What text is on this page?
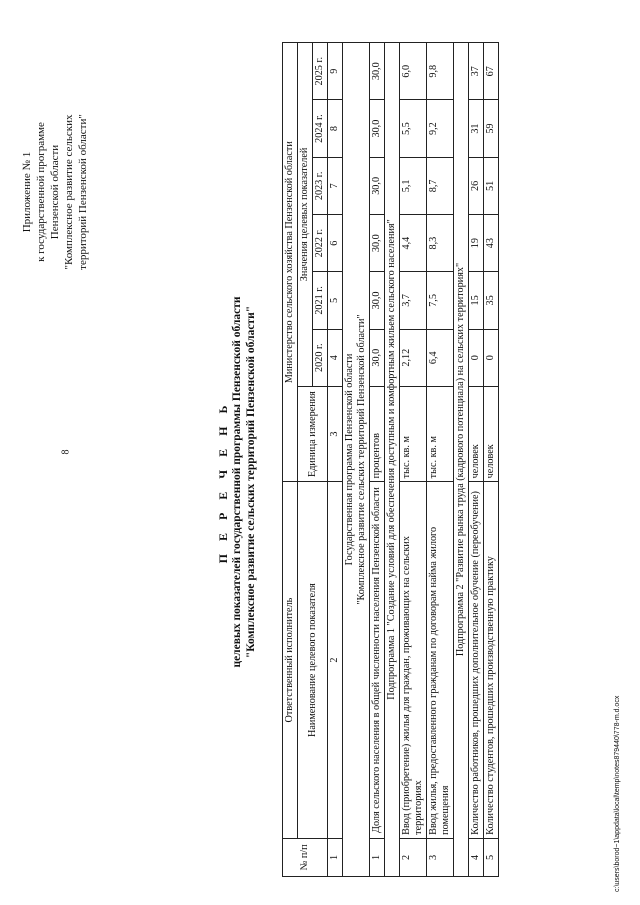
8
Приложение № 1 к государственной программе Пензенской области "Комплексное развитие сельских территорий Пензенской области"
П Е Р Е Ч Е Н Ь целевых показателей государственной программы Пензенской области "Комплексное развитие сельских территорий Пензенской области"
№ п/п	Ответственный исполнитель	Министерство сельского хозяйства Пензенской области						
	Наименование целевого показателя	Единица измерения	Значения целевых показателей					
			2020 г.	2021 г.	2022 г.	2023 г.	2024 г.	2025 г.
1	2	3	4	5	6	7	8	9

Государственная программа Пензенской области "Комплексное развитие сельских территорий Пензенской области"								

1	Доля сельского населения в общей численности населения Пензенской области	процентов	30,0	30,0	30,0	30,0	30,0	30,0
Подпрограмма 1 "Создание условий для обеспечения доступным и комфортным жильем сельского населения"								
2	Ввод (приобретение) жилья для граждан, проживающих на сельских территориях	тыс. кв. м	2,12	3,7	4,4	5,1	5,5	6,0
3	Ввод жилья, предоставленного гражданам по договорам найма жилого помещения	тыс. кв. м	6,4	7,5	8,3	8,7	9,2	9,8
Подпрограмма 2 "Развитие рынка труда (кадрового потенциала) на сельских территориях"								
4	Количество работников, прошедших дополнительное обучение (переобучение)	человек	0	15	19	26	31	37
5	Количество студентов, прошедших производственную практику	человек	0	35	43	51	59	67
c:\users\borod~1\appdata\local\temp\notes879440\778-m.d.ocx
